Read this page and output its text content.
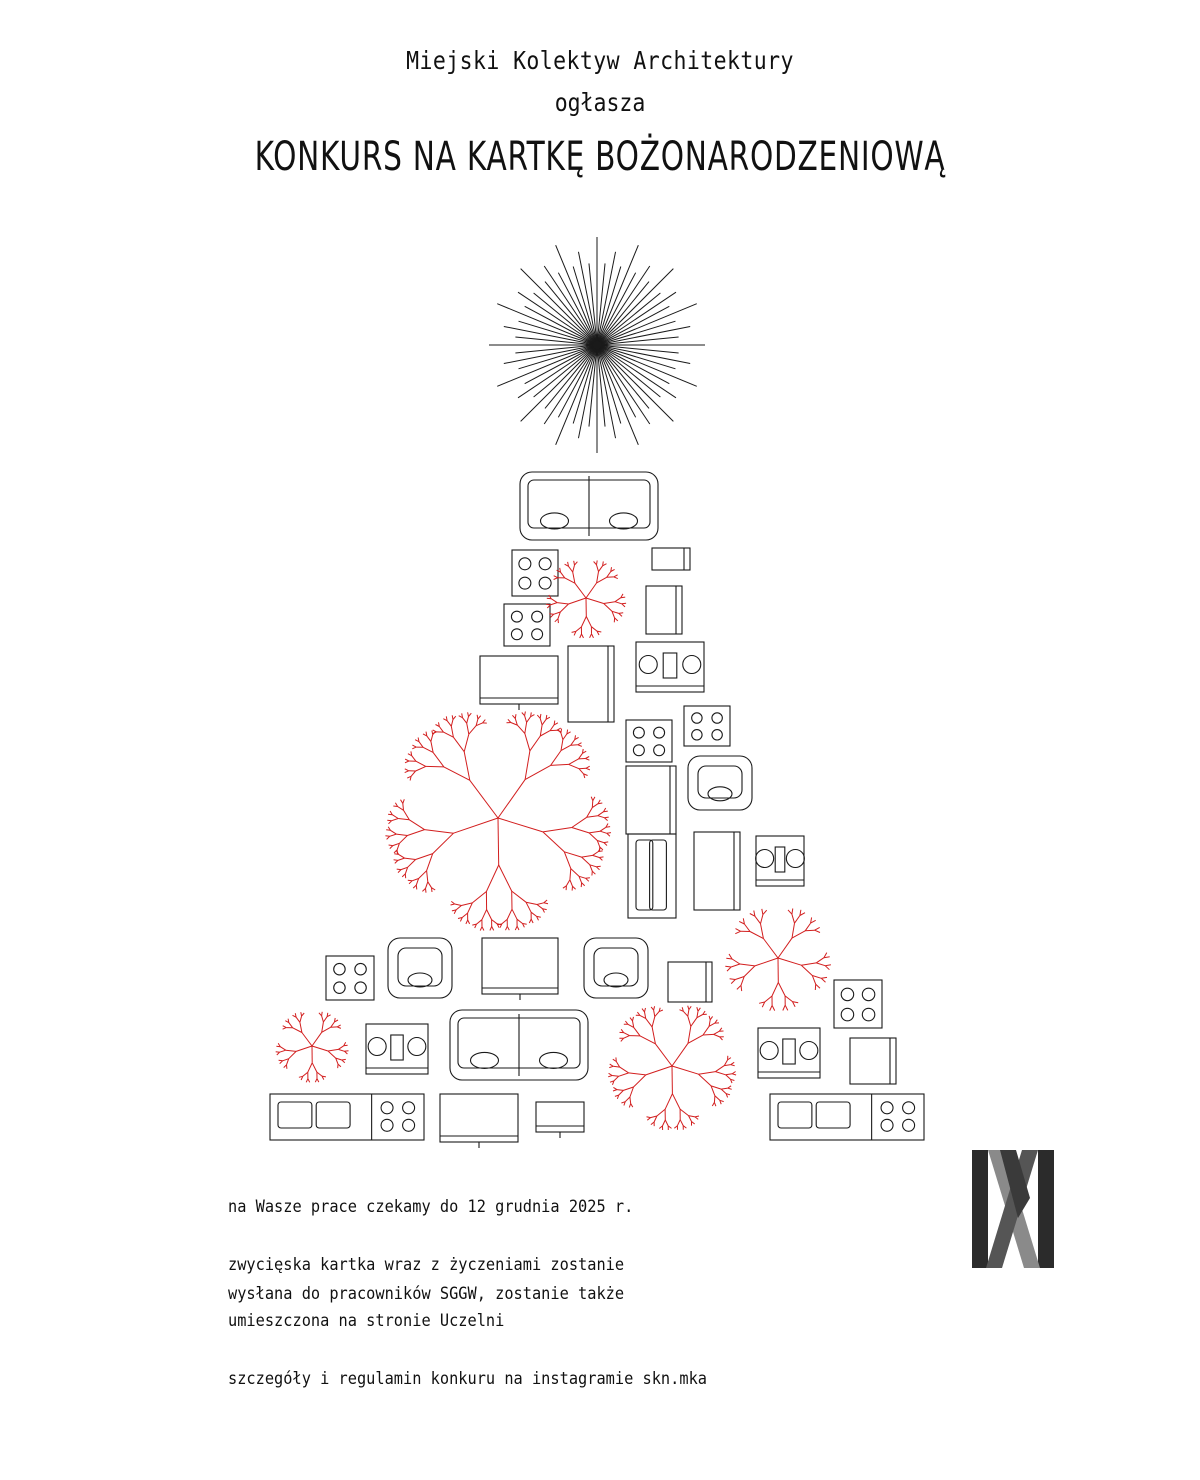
Miejski Kolektyw Architektury
ogłasza
KONKURS NA KARTKĘ BOŻONARODZENIOWĄ
na Wasze prace czekamy do 12 grudnia 2025 r.
zwycięska kartka wraz z życzeniami zostanie
wysłana do pracowników SGGW, zostanie także
umieszczona na stronie Uczelni
szczegóły i regulamin konkuru na instagramie skn.mka
